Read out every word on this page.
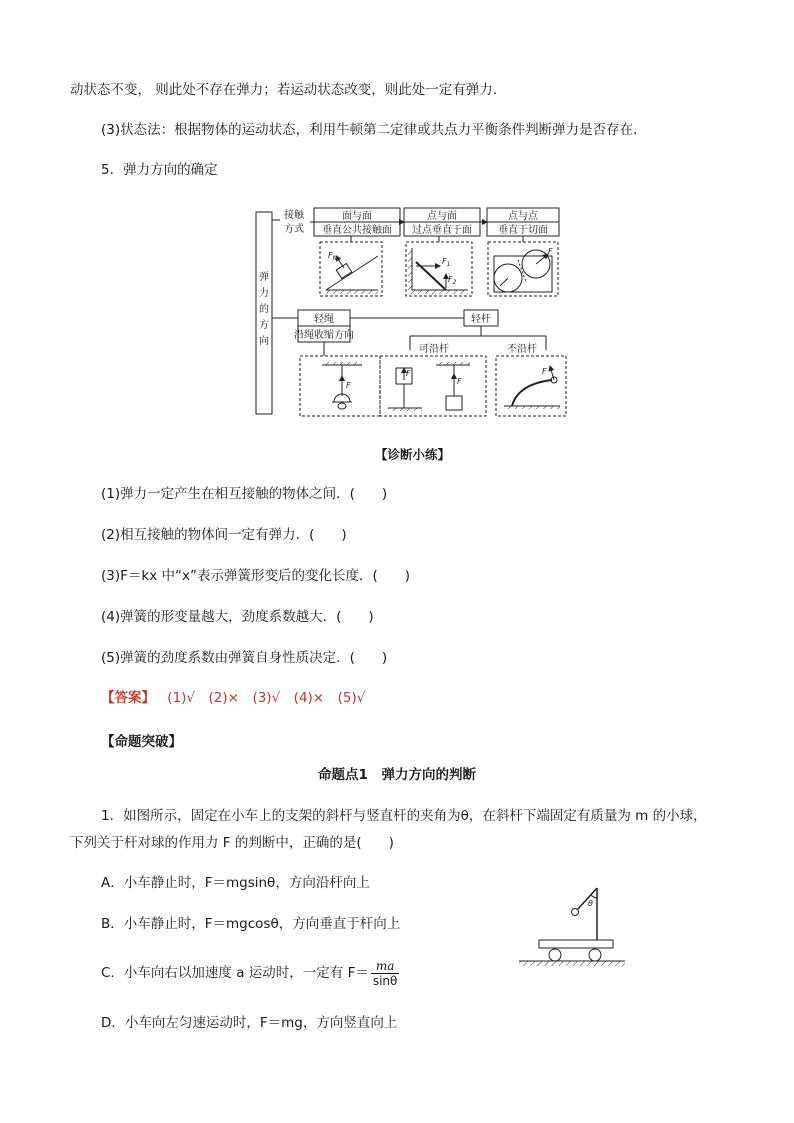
动状态不变， 则此处不存在弹力；若运动状态改变，则此处一定有弹力．
(3)状态法：根据物体的运动状态，利用牛顿第二定律或共点力平衡条件判断弹力是否存在．
5．弹力方向的确定
弹
力
的
方
向
接触
方式
面与面
垂直公共接触面
点与面
过点垂直于面
点与点
垂直于切面
轻绳
沿绳收缩方向
轻杆
可沿杆	不沿杆
$F_N$	$F_1$
$F_2$
F
F
F
F
F
【诊断小练】
(1)弹力一定产生在相互接触的物体之间．(　　)
(2)相互接触的物体间一定有弹力．(　　)
(3)F＝kx 中“x”表示弹簧形变后的变化长度．(　　)
(4)弹簧的形变量越大，劲度系数越大．(　　)
(5)弹簧的劲度系数由弹簧自身性质决定．(　　)
【答案】 (1)√　(2)×　(3)√　(4)×　(5)√
【命题突破】
命题点1　弹力方向的判断
1．如图所示，固定在小车上的支架的斜杆与竖直杆的夹角为θ，在斜杆下端固定有质量为 m 的小球，
下列关于杆对球的作用力 F 的判断中，正确的是(　　)
A．小车静止时，F＝mgsinθ，方向沿杆向上
B．小车静止时，F＝mgcosθ，方向垂直于杆向上
C．小车向右以加速度 a 运动时，一定有 $F= \frac{ma}{\sin\theta}$
D．小车向左匀速运动时，F＝mg，方向竖直向上
θ
